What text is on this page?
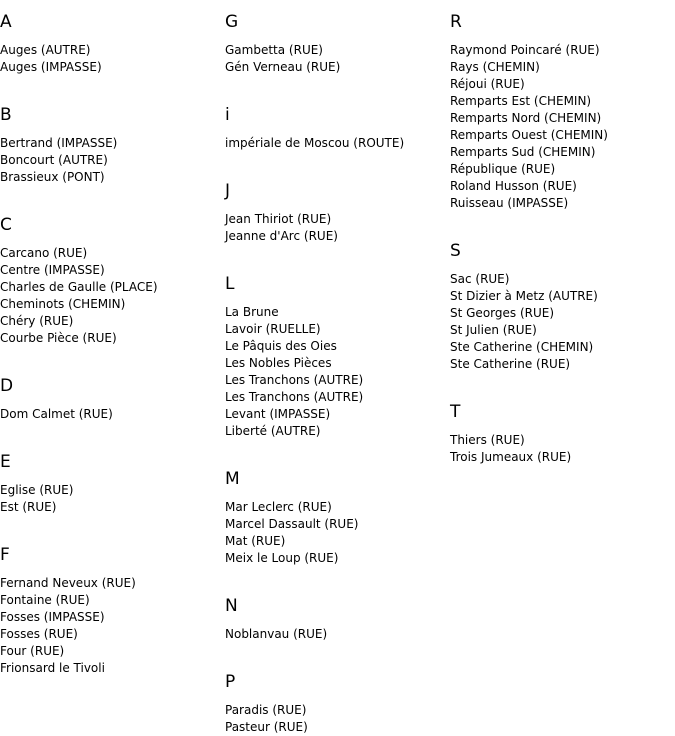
A
Auges (AUTRE)
Auges (IMPASSE)
B
Bertrand (IMPASSE)
Boncourt (AUTRE)
Brassieux (PONT)
C
Carcano (RUE)
Centre (IMPASSE)
Charles de Gaulle (PLACE)
Cheminots (CHEMIN)
Chéry (RUE)
Courbe Pièce (RUE)
D
Dom Calmet (RUE)
E
Eglise (RUE)
Est (RUE)
F
Fernand Neveux (RUE)
Fontaine (RUE)
Fosses (IMPASSE)
Fosses (RUE)
Four (RUE)
Frionsard le Tivoli
G
Gambetta (RUE)
Gén Verneau (RUE)
i
impériale de Moscou (ROUTE)
J
Jean Thiriot (RUE)
Jeanne d'Arc (RUE)
L
La Brune
Lavoir (RUELLE)
Le Pâquis des Oies
Les Nobles Pièces
Les Tranchons (AUTRE)
Les Tranchons (AUTRE)
Levant (IMPASSE)
Liberté (AUTRE)
M
Mar Leclerc (RUE)
Marcel Dassault (RUE)
Mat (RUE)
Meix le Loup (RUE)
N
Noblanvau (RUE)
P
Paradis (RUE)
Pasteur (RUE)
R
Raymond Poincaré (RUE)
Rays (CHEMIN)
Réjoui (RUE)
Remparts Est (CHEMIN)
Remparts Nord (CHEMIN)
Remparts Ouest (CHEMIN)
Remparts Sud (CHEMIN)
République (RUE)
Roland Husson (RUE)
Ruisseau (IMPASSE)
S
Sac (RUE)
St Dizier à Metz (AUTRE)
St Georges (RUE)
St Julien (RUE)
Ste Catherine (CHEMIN)
Ste Catherine (RUE)
T
Thiers (RUE)
Trois Jumeaux (RUE)
